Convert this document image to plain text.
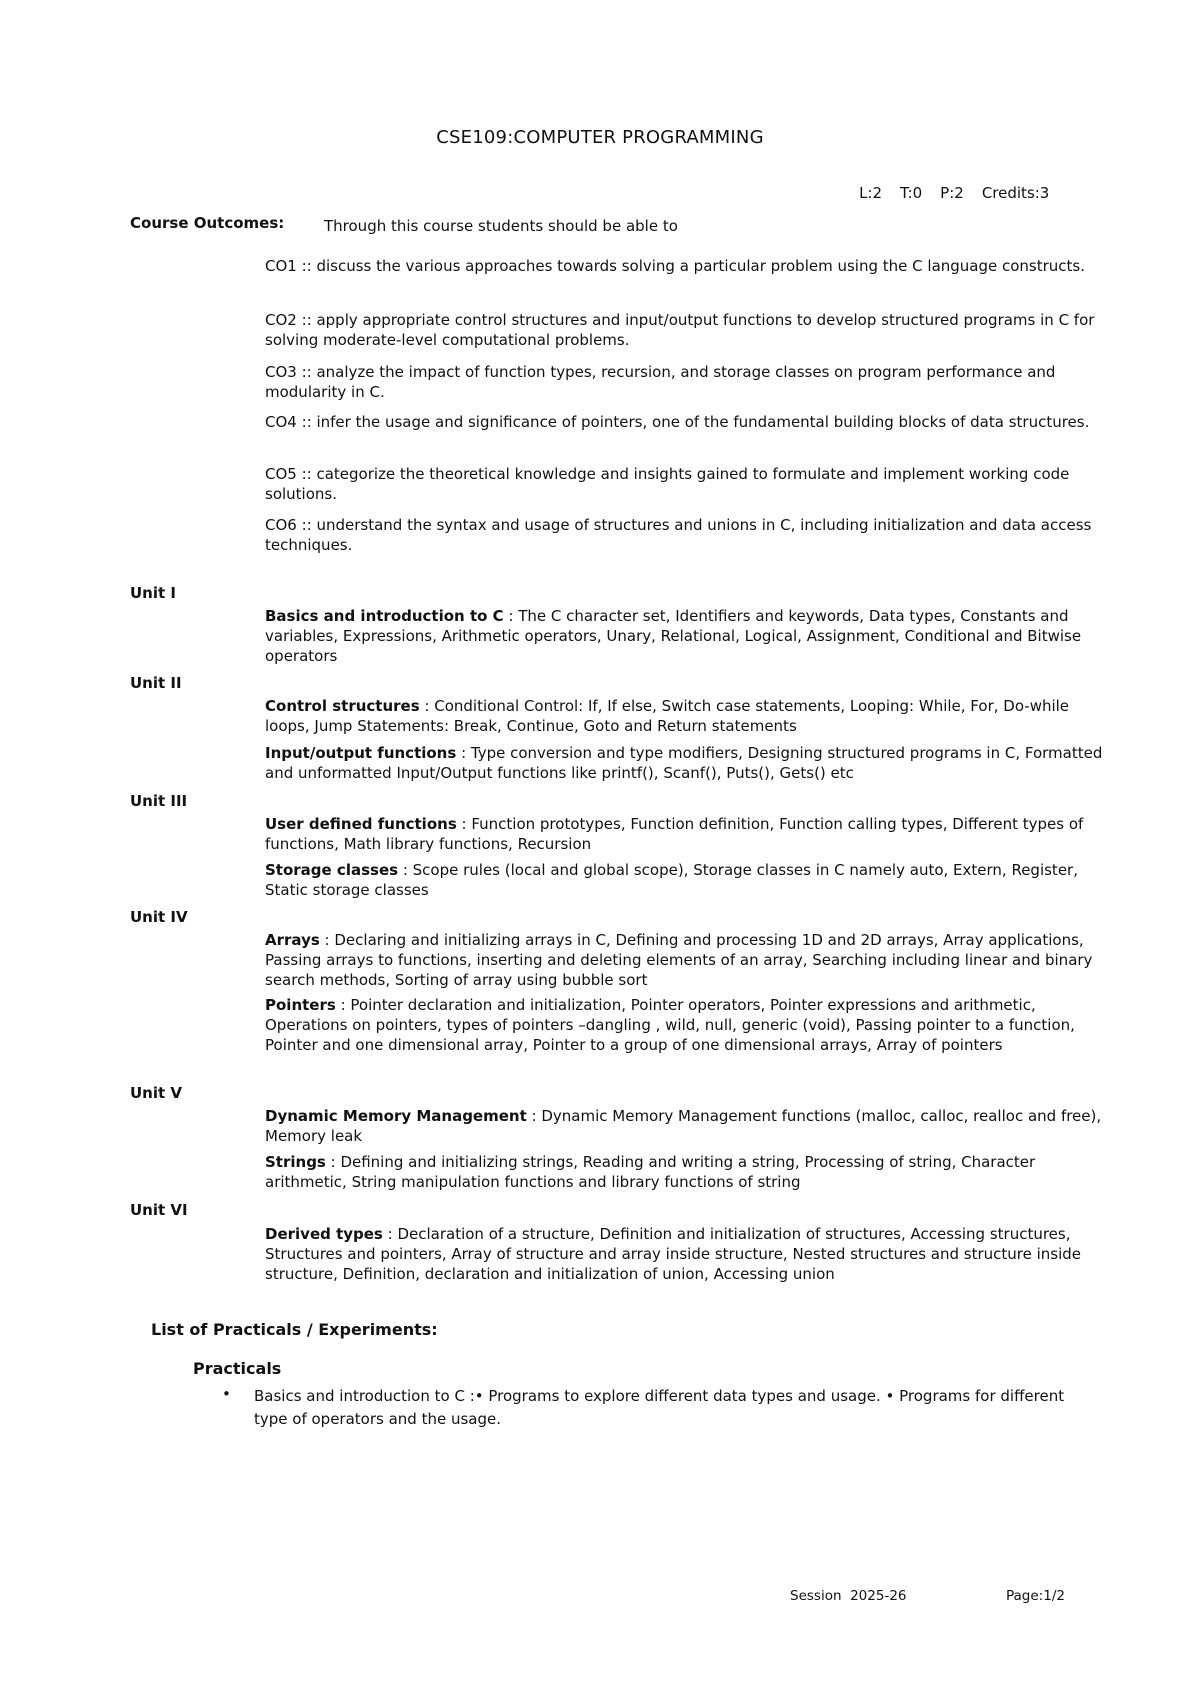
CSE109:COMPUTER PROGRAMMING

L:2 T:0 P:2 Credits:3

Course Outcomes:	Through this course students should be able to
CO1 :: discuss the various approaches towards solving a particular problem using the C language constructs.
CO2 :: apply appropriate control structures and input/output functions to develop structured programs in C for solving moderate-level computational problems.
CO3 :: analyze the impact of function types, recursion, and storage classes on program performance and modularity in C.
CO4 :: infer the usage and significance of pointers, one of the fundamental building blocks of data structures.
CO5 :: categorize the theoretical knowledge and insights gained to formulate and implement working code solutions.
CO6 :: understand the syntax and usage of structures and unions in C, including initialization and data access techniques.
Unit I
Basics and introduction to C : The C character set, Identifiers and keywords, Data types, Constants and variables, Expressions, Arithmetic operators, Unary, Relational, Logical, Assignment, Conditional and Bitwise operators
Unit II
Control structures : Conditional Control: If, If else, Switch case statements, Looping: While, For, Do-while loops, Jump Statements: Break, Continue, Goto and Return statements
Input/output functions : Type conversion and type modifiers, Designing structured programs in C, Formatted and unformatted Input/Output functions like printf(), Scanf(), Puts(), Gets() etc
Unit III
User defined functions : Function prototypes, Function definition, Function calling types, Different types of functions, Math library functions, Recursion
Storage classes : Scope rules (local and global scope), Storage classes in C namely auto, Extern, Register, Static storage classes
Unit IV
Arrays : Declaring and initializing arrays in C, Defining and processing 1D and 2D arrays, Array applications, Passing arrays to functions, inserting and deleting elements of an array, Searching including linear and binary search methods, Sorting of array using bubble sort
Pointers : Pointer declaration and initialization, Pointer operators, Pointer expressions and arithmetic, Operations on pointers, types of pointers –dangling , wild, null, generic (void), Passing pointer to a function, Pointer and one dimensional array, Pointer to a group of one dimensional arrays, Array of pointers
Unit V
Dynamic Memory Management : Dynamic Memory Management functions (malloc, calloc, realloc and free), Memory leak
Strings : Defining and initializing strings, Reading and writing a string, Processing of string, Character arithmetic, String manipulation functions and library functions of string
Unit VI
Derived types : Declaration of a structure, Definition and initialization of structures, Accessing structures, Structures and pointers, Array of structure and array inside structure, Nested structures and structure inside structure, Definition, declaration and initialization of union, Accessing union
List of Practicals / Experiments:
Practicals
• Basics and introduction to C :• Programs to explore different data types and usage. • Programs for different type of operators and the usage.
Session  2025-26	Page:1/2
